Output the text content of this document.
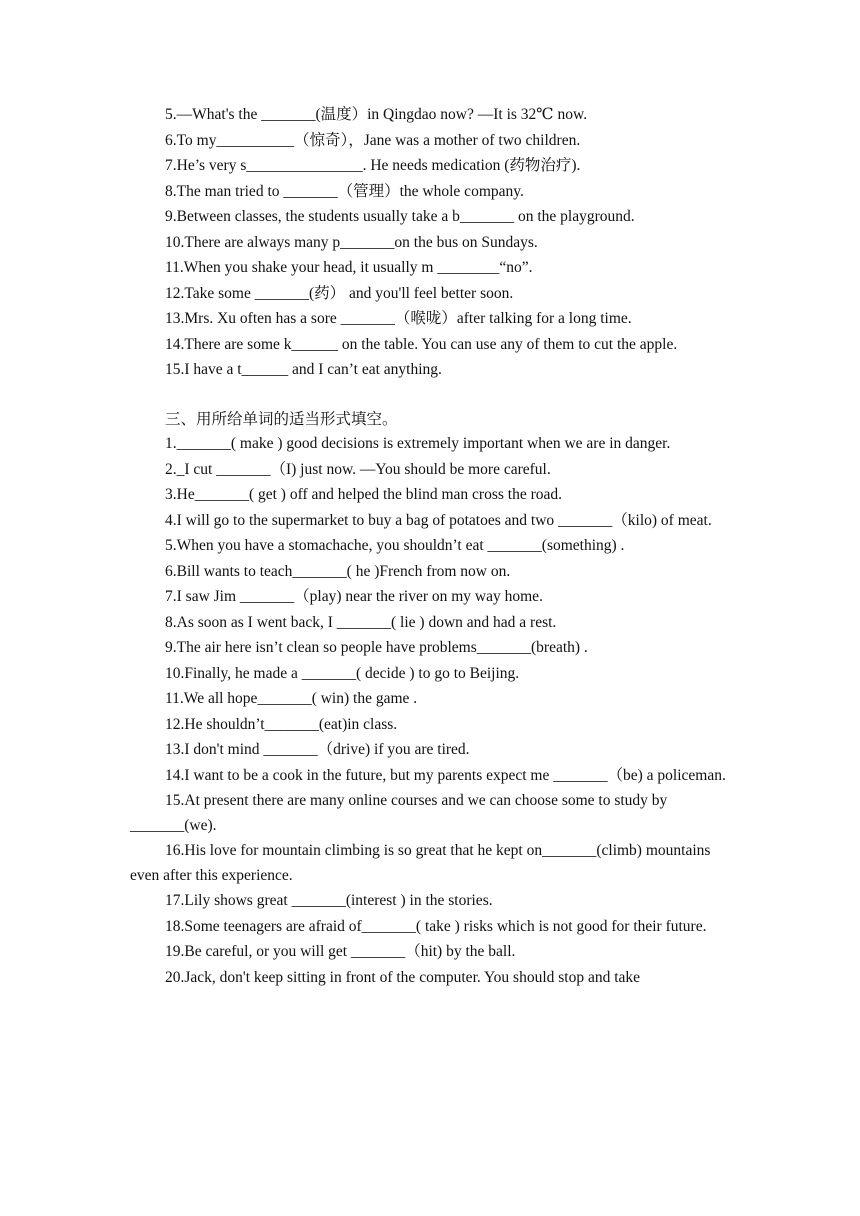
5.—What's the _______(温度）in Qingdao now? —It is 32℃ now.

6.To my__________（惊奇），Jane was a mother of two children.

7.He’s very s_______________. He needs medication (药物治疗).

8.The man tried to _______（管理）the whole company.

9.Between classes, the students usually take a b_______ on the playground.

10.There are always many p_______on the bus on Sundays.

11.When you shake your head, it usually m ________“no”.

12.Take some _______(药） and you'll feel better soon.

13.Mrs. Xu often has a sore _______（喉咙）after talking for a long time.

14.There are some k______ on the table. You can use any of them to cut the apple.

15.I have a t______ and I can’t eat anything.

三、用所给单词的适当形式填空。

1._______( make ) good decisions is extremely important when we are in danger.

2._I cut _______（I) just now. —You should be more careful.

3.He_______( get ) off and helped the blind man cross the road.

4.I will go to the supermarket to buy a bag of potatoes and two _______（kilo) of meat.

5.When you have a stomachache, you shouldn’t eat _______(something) .

6.Bill wants to teach_______( he )French from now on.

7.I saw Jim _______（play) near the river on my way home.

8.As soon as I went back, I _______( lie ) down and had a rest.

9.The air here isn’t clean so people have problems_______(breath) .

10.Finally, he made a _______( decide ) to go to Beijing.

11.We all hope_______( win) the game .

12.He shouldn’t_______(eat)in class.

13.I don't mind _______（drive) if you are tired.

14.I want to be a cook in the future, but my parents expect me _______（be) a policeman.

15.At present there are many online courses and we can choose some to study by _______(we).

16.His love for mountain climbing is so great that he kept on_______(climb) mountains even after this experience.

17.Lily shows great _______(interest ) in the stories.

18.Some teenagers are afraid of_______( take ) risks which is not good for their future.

19.Be careful, or you will get _______（hit) by the ball.

20.Jack, don't keep sitting in front of the computer. You should stop and take
